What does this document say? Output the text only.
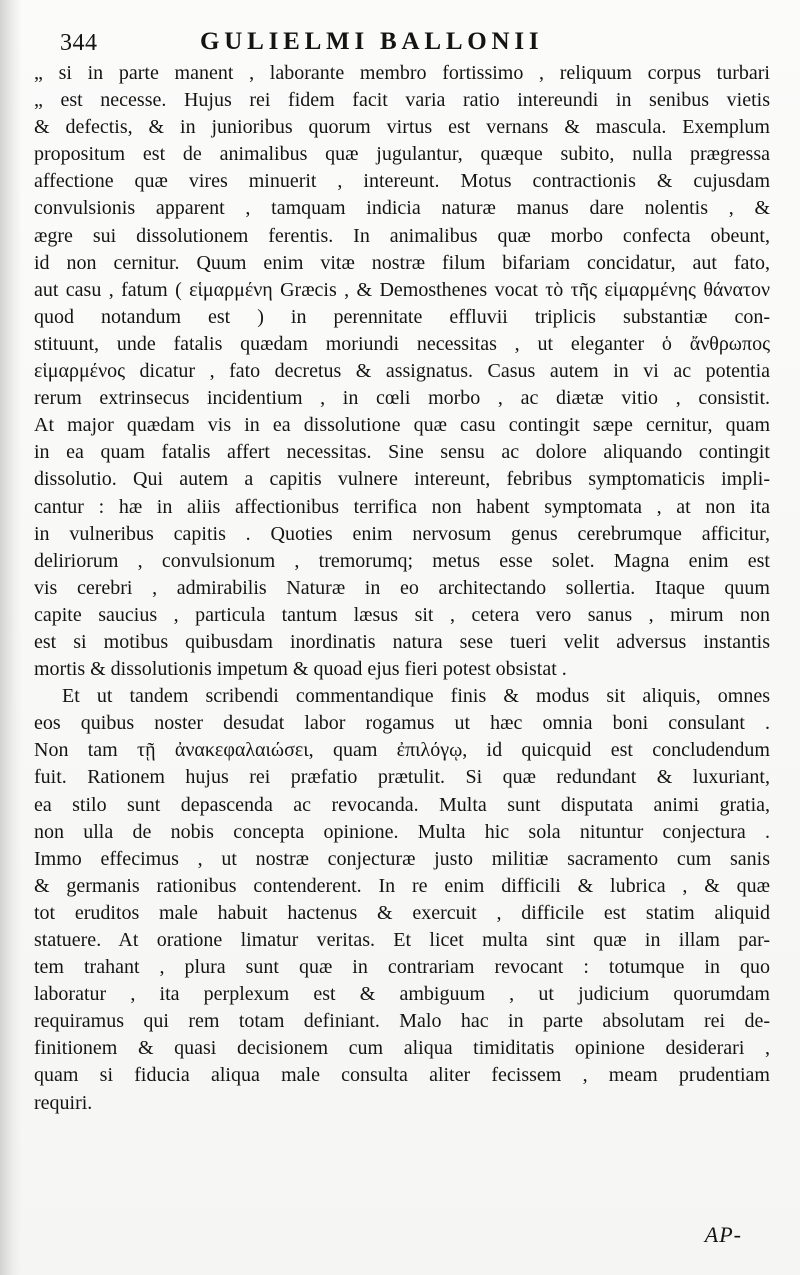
344	GULIELMI BALLONII
„ si in parte manent , laborante membro fortissimo , reliquum corpus turbari
„ est necesse. Hujus rei fidem facit varia ratio intereundi in senibus vietis
& defectis, & in junioribus quorum virtus est vernans & mascula. Exemplum
propositum est de animalibus quæ jugulantur, quæque subito, nulla prægressa
affectione quæ vires minuerit , intereunt. Motus contractionis & cujusdam
convulsionis apparent , tamquam indicia naturæ manus dare nolentis , &
ægre sui dissolutionem ferentis. In animalibus quæ morbo confecta obeunt,
id non cernitur. Quum enim vitæ nostræ filum bifariam concidatur, aut fato,
aut casu , fatum ( εἱμαρμένη Græcis , & Demosthenes vocat τὸ τῆς εἱμαρμένης θάνατον
quod notandum est ) in perennitate effluvii triplicis substantiæ con-
stituunt, unde fatalis quædam moriundi necessitas , ut eleganter ὁ ἄνθρωπος
εἱμαρμένος dicatur , fato decretus & assignatus. Casus autem in vi ac potentia
rerum extrinsecus incidentium , in cœli morbo , ac diætæ vitio , consistit.
At major quædam vis in ea dissolutione quæ casu contingit sæpe cernitur, quam
in ea quam fatalis affert necessitas. Sine sensu ac dolore aliquando contingit
dissolutio. Qui autem a capitis vulnere intereunt, febribus symptomaticis impli-
cantur : hæ in aliis affectionibus terrifica non habent symptomata , at non ita
in vulneribus capitis . Quoties enim nervosum genus cerebrumque afficitur,
deliriorum , convulsionum , tremorumq; metus esse solet. Magna enim est
vis cerebri , admirabilis Naturæ in eo architectando sollertia. Itaque quum
capite saucius , particula tantum læsus sit , cetera vero sanus , mirum non
est si motibus quibusdam inordinatis natura sese tueri velit adversus instantis
mortis & dissolutionis impetum & quoad ejus fieri potest obsistat .
Et ut tandem scribendi commentandique finis & modus sit aliquis, omnes
eos quibus noster desudat labor rogamus ut hæc omnia boni consulant .
Non tam τῇ ἀνακεφαλαιώσει, quam ἐπιλόγῳ, id quicquid est concludendum
fuit. Rationem hujus rei præfatio prætulit. Si quæ redundant & luxuriant,
ea stilo sunt depascenda ac revocanda. Multa sunt disputata animi gratia,
non ulla de nobis concepta opinione. Multa hic sola nituntur conjectura .
Immo effecimus , ut nostræ conjecturæ justo militiæ sacramento cum sanis
& germanis rationibus contenderent. In re enim difficili & lubrica , & quæ
tot eruditos male habuit hactenus & exercuit , difficile est statim aliquid
statuere. At oratione limatur veritas. Et licet multa sint quæ in illam par-
tem trahant , plura sunt quæ in contrariam revocant : totumque in quo
laboratur , ita perplexum est & ambiguum , ut judicium quorumdam
requiramus qui rem totam definiant. Malo hac in parte absolutam rei de-
finitionem & quasi decisionem cum aliqua timiditatis opinione desiderari ,
quam si fiducia aliqua male consulta aliter fecissem , meam prudentiam
requiri.

AP-
